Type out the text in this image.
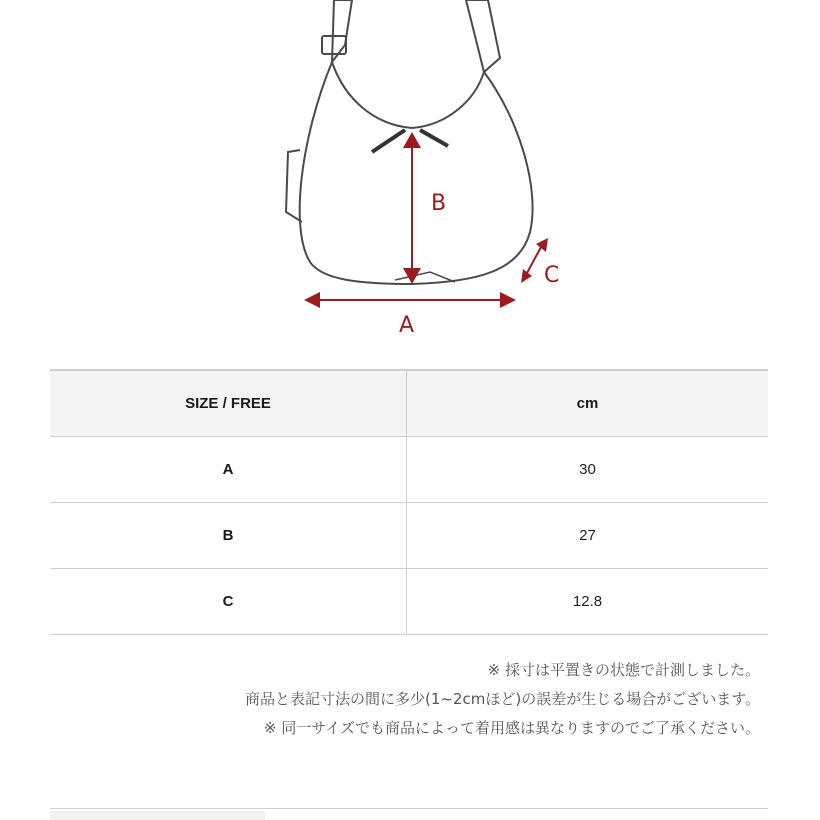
B
A
C
SIZE / FREE	cm
A	30
B	27
C	12.8
※ 採寸は平置きの状態で計測しました。
商品と表記寸法の間に多少(1~2cmほど)の誤差が生じる場合がございます。
※ 同一サイズでも商品によって着用感は異なりますのでご了承ください。
